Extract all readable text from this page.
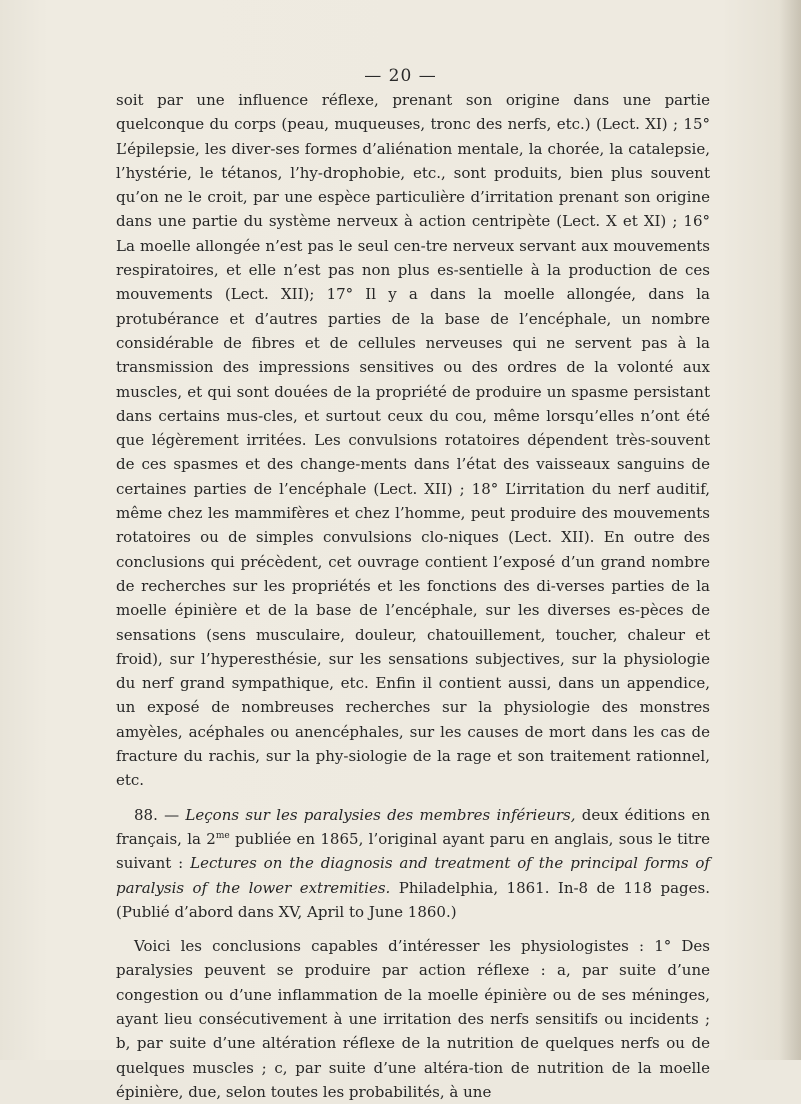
— 20 —

soit par une influence réflexe, prenant son origine dans une partie quelconque du corps (peau, muqueuses, tronc des nerfs, etc.) (Lect. XI) ; 15° L’épilepsie, les diver-ses formes d’aliénation mentale, la chorée, la catalepsie, l’hystérie, le tétanos, l’hy-drophobie, etc., sont produits, bien plus souvent qu’on ne le croit, par une espèce particulière d’irritation prenant son origine dans une partie du système nerveux à action centripète (Lect. X et XI) ; 16° La moelle allongée n’est pas le seul cen-tre nerveux servant aux mouvements respiratoires, et elle n’est pas non plus es-sentielle à la production de ces mouvements (Lect. XII); 17° Il y a dans la moelle allongée, dans la protubérance et d’autres parties de la base de l’encéphale, un nombre considérable de fibres et de cellules nerveuses qui ne servent pas à la transmission des impressions sensitives ou des ordres de la volonté aux muscles, et qui sont douées de la propriété de produire un spasme persistant dans certains mus-cles, et surtout ceux du cou, même lorsqu’elles n’ont été que légèrement irritées. Les convulsions rotatoires dépendent très-souvent de ces spasmes et des change-ments dans l’état des vaisseaux sanguins de certaines parties de l’encéphale (Lect. XII) ; 18° L’irritation du nerf auditif, même chez les mammifères et chez l’homme, peut produire des mouvements rotatoires ou de simples convulsions clo-niques (Lect. XII). En outre des conclusions qui précèdent, cet ouvrage contient l’exposé d’un grand nombre de recherches sur les propriétés et les fonctions des di-verses parties de la moelle épinière et de la base de l’encéphale, sur les diverses es-pèces de sensations (sens musculaire, douleur, chatouillement, toucher, chaleur et froid), sur l’hyperesthésie, sur les sensations subjectives, sur la physiologie du nerf grand sympathique, etc. Enfin il contient aussi, dans un appendice, un exposé de nombreuses recherches sur la physiologie des monstres amyèles, acéphales ou anencéphales, sur les causes de mort dans les cas de fracture du rachis, sur la phy-siologie de la rage et son traitement rationnel, etc.

88. — Leçons sur les paralysies des membres inférieurs, deux éditions en français, la $2^{me}$ publiée en 1865, l’original ayant paru en anglais, sous le titre suivant : Lectures on the diagnosis and treatment of the principal forms of paralysis of the lower extremities. Philadelphia, 1861. In-8 de 118 pages. (Publié d’abord dans XV, April to June 1860.)

Voici les conclusions capables d’intéresser les physiologistes : 1° Des paralysies peuvent se produire par action réflexe : a, par suite d’une congestion ou d’une inflammation de la moelle épinière ou de ses méninges, ayant lieu consécutivement à une irritation des nerfs sensitifs ou incidents ; b, par suite d’une altération réflexe de la nutrition de quelques nerfs ou de quelques muscles ; c, par suite d’une altéra-tion de nutrition de la moelle épinière, due, selon toutes les probabilités, à une
